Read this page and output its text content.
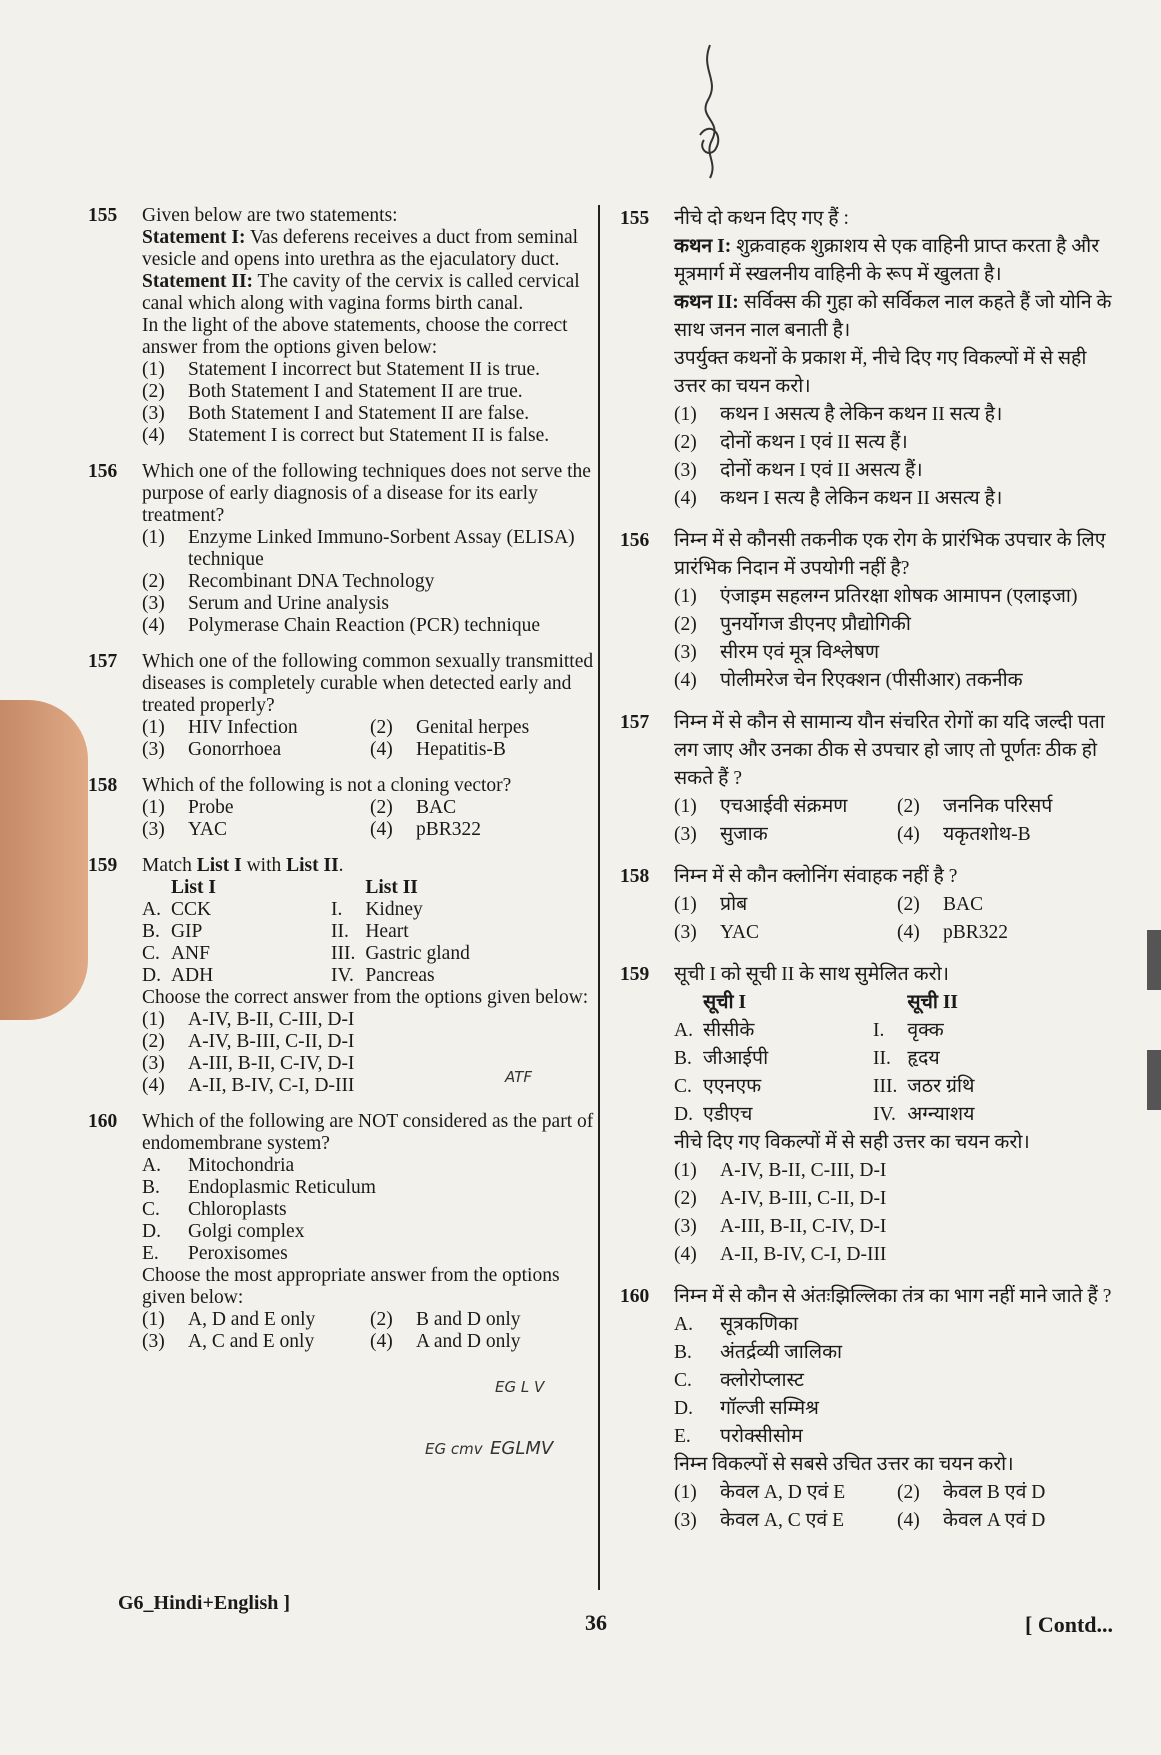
155 Given below are two statements:
Statement I: Vas deferens receives a duct from seminal vesicle and opens into urethra as the ejaculatory duct.
Statement II: The cavity of the cervix is called cervical canal which along with vagina forms birth canal.
In the light of the above statements, choose the correct answer from the options given below:
(1) Statement I incorrect but Statement II is true.
(2) Both Statement I and Statement II are true.
(3) Both Statement I and Statement II are false.
(4) Statement I is correct but Statement II is false.
156 Which one of the following techniques does not serve the purpose of early diagnosis of a disease for its early treatment?
(1) Enzyme Linked Immuno-Sorbent Assay (ELISA) technique
(2) Recombinant DNA Technology
(3) Serum and Urine analysis
(4) Polymerase Chain Reaction (PCR) technique
157 Which one of the following common sexually transmitted diseases is completely curable when detected early and treated properly?
(1) HIV Infection	(2) Genital herpes
(3) Gonorrhoea	(4) Hepatitis-B
158 Which of the following is not a cloning vector?
(1) Probe	(2) BAC
(3) YAC	(4) pBR322
159 Match List I with List II.
	List I		List II
A.	CCK	I.	Kidney
B.	GIP	II.	Heart
C.	ANF	III.	Gastric gland
D.	ADH	IV.	Pancreas
Choose the correct answer from the options given below:
(1) A-IV, B-II, C-III, D-I
(2) A-IV, B-III, C-II, D-I
(3) A-III, B-II, C-IV, D-I
(4) A-II, B-IV, C-I, D-III
160 Which of the following are NOT considered as the part of endomembrane system?
A. Mitochondria
B. Endoplasmic Reticulum
C. Chloroplasts
D. Golgi complex
E. Peroxisomes
Choose the most appropriate answer from the options given below:
(1) A, D and E only	(2) B and D only
(3) A, C and E only	(4) A and D only
155 नीचे दो कथन दिए गए हैं :
कथन I: शुक्रवाहक शुक्राशय से एक वाहिनी प्राप्त करता है और मूत्रमार्ग में स्खलनीय वाहिनी के रूप में खुलता है।
कथन II: सर्विक्स की गुहा को सर्विकल नाल कहते हैं जो योनि के साथ जनन नाल बनाती है।
उपर्युक्त कथनों के प्रकाश में, नीचे दिए गए विकल्पों में से सही उत्तर का चयन करो।
(1) कथन I असत्य है लेकिन कथन II सत्य है।
(2) दोनों कथन I एवं II सत्य हैं।
(3) दोनों कथन I एवं II असत्य हैं।
(4) कथन I सत्य है लेकिन कथन II असत्य है।
156 निम्न में से कौनसी तकनीक एक रोग के प्रारंभिक उपचार के लिए प्रारंभिक निदान में उपयोगी नहीं है?
(1) एंजाइम सहलग्न प्रतिरक्षा शोषक आमापन (एलाइजा)
(2) पुनर्योगज डीएनए प्रौद्योगिकी
(3) सीरम एवं मूत्र विश्लेषण
(4) पोलीमरेज चेन रिएक्शन (पीसीआर) तकनीक
157 निम्न में से कौन से सामान्य यौन संचरित रोगों का यदि जल्दी पता लग जाए और उनका ठीक से उपचार हो जाए तो पूर्णतः ठीक हो सकते हैं ?
(1) एचआईवी संक्रमण	(2) जननिक परिसर्प
(3) सुजाक	(4) यकृतशोथ-B
158 निम्न में से कौन क्लोनिंग संवाहक नहीं है ?
(1) प्रोब	(2) BAC
(3) YAC	(4) pBR322
159 सूची I को सूची II के साथ सुमेलित करो।
	सूची I		सूची II
A.	सीसीके	I.	वृक्क
B.	जीआईपी	II.	हृदय
C.	एएनएफ	III.	जठर ग्रंथि
D.	एडीएच	IV.	अग्न्याशय
नीचे दिए गए विकल्पों में से सही उत्तर का चयन करो।
(1) A-IV, B-II, C-III, D-I
(2) A-IV, B-III, C-II, D-I
(3) A-III, B-II, C-IV, D-I
(4) A-II, B-IV, C-I, D-III
160 निम्न में से कौन से अंतःझिल्लिका तंत्र का भाग नहीं माने जाते हैं ?
A. सूत्रकणिका
B. अंतर्द्रव्यी जालिका
C. क्लोरोप्लास्ट
D. गॉल्जी सम्मिश्र
E. परोक्सीसोम
निम्न विकल्पों से सबसे उचित उत्तर का चयन करो।
(1) केवल A, D एवं E	(2) केवल B एवं D
(3) केवल A, C एवं E	(4) केवल A एवं D
ATF
EG L V
EG cmv EGLMV
G6_Hindi+English ]
36	[ Contd...
